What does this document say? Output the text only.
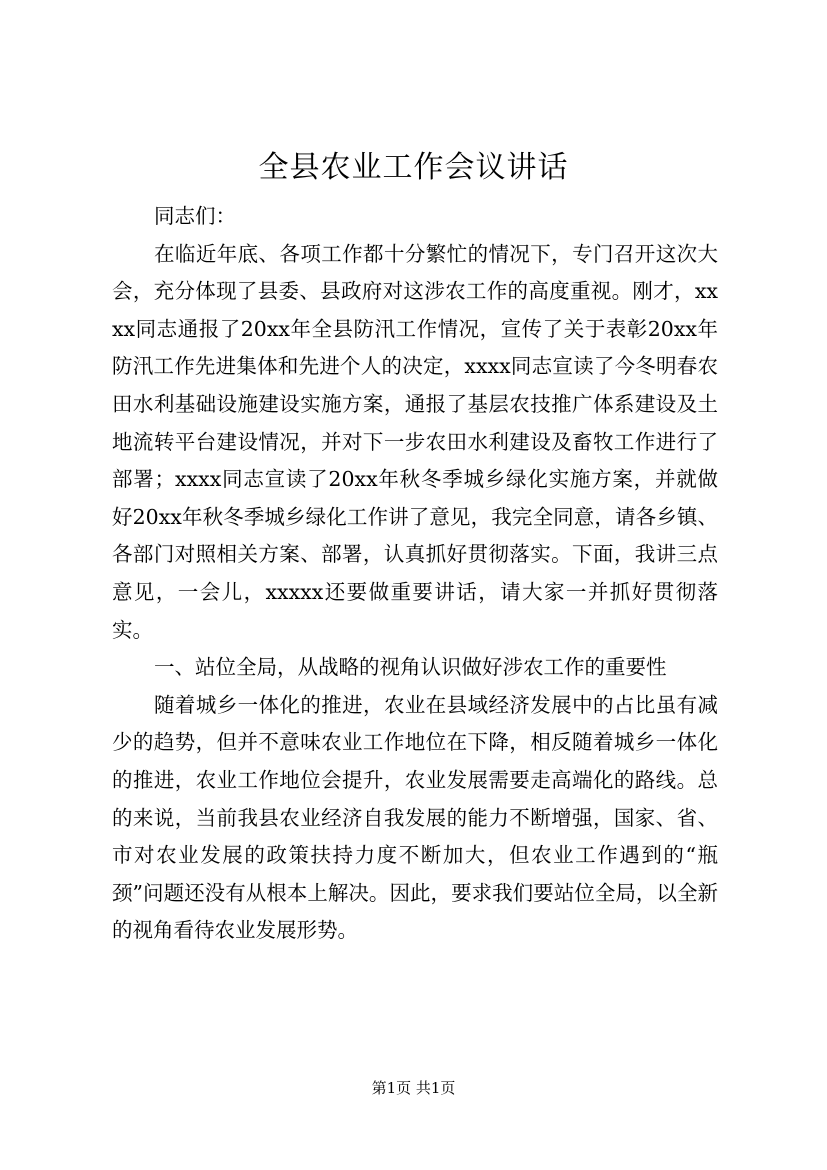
全县农业工作会议讲话

同志们：

在临近年底、各项工作都十分繁忙的情况下，专门召开这次大会，充分体现了县委、县政府对这涉农工作的高度重视。刚才，xxxx同志通报了20xx年全县防汛工作情况，宣传了关于表彰20xx年防汛工作先进集体和先进个人的决定，xxxx同志宣读了今冬明春农田水利基础设施建设实施方案，通报了基层农技推广体系建设及土地流转平台建设情况，并对下一步农田水利建设及畜牧工作进行了部署；xxxx同志宣读了20xx年秋冬季城乡绿化实施方案，并就做好20xx年秋冬季城乡绿化工作讲了意见，我完全同意，请各乡镇、各部门对照相关方案、部署，认真抓好贯彻落实。下面，我讲三点意见，一会儿，xxxxx还要做重要讲话，请大家一并抓好贯彻落实。

一、站位全局，从战略的视角认识做好涉农工作的重要性

随着城乡一体化的推进，农业在县域经济发展中的占比虽有减少的趋势，但并不意味农业工作地位在下降，相反随着城乡一体化的推进，农业工作地位会提升，农业发展需要走高端化的路线。总的来说，当前我县农业经济自我发展的能力不断增强，国家、省、市对农业发展的政策扶持力度不断加大，但农业工作遇到的“瓶颈”问题还没有从根本上解决。因此，要求我们要站位全局，以全新的视角看待农业发展形势。

第1页 共1页
